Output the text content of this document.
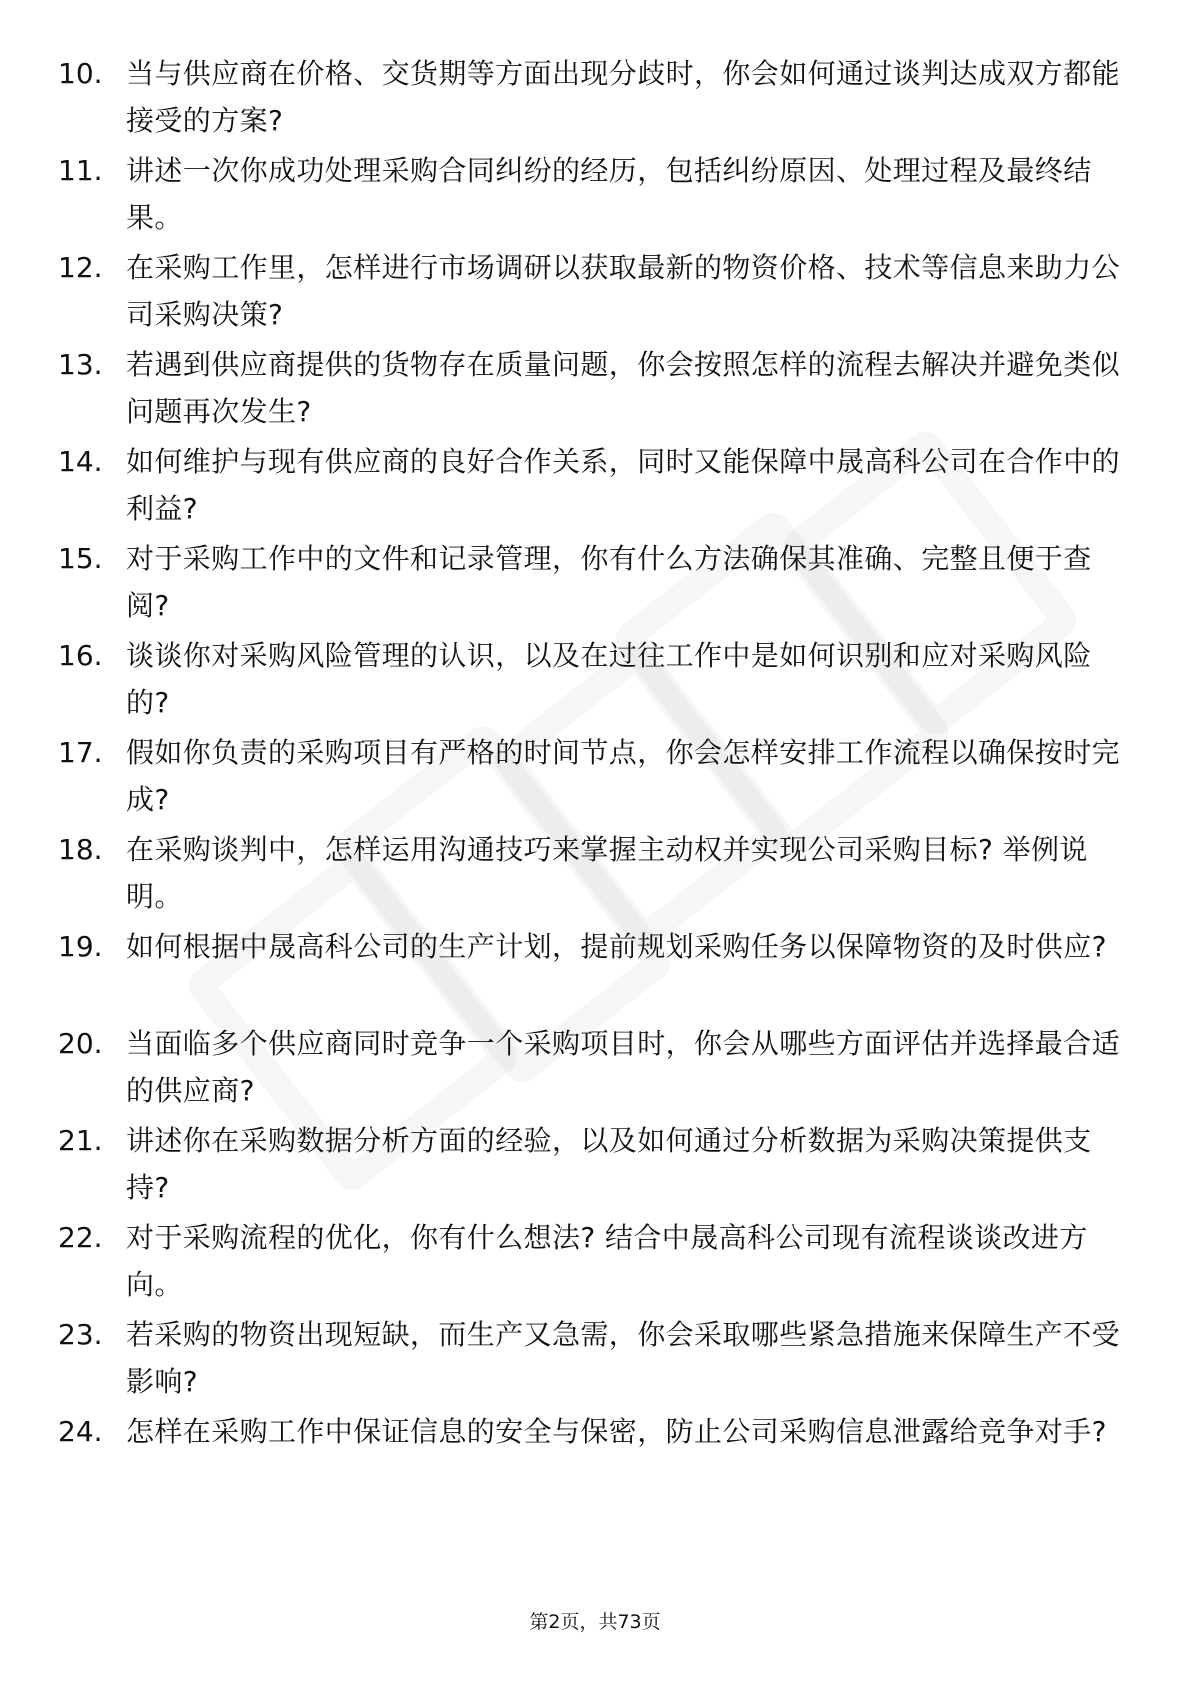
10. 当与供应商在价格、交货期等方面出现分歧时，你会如何通过谈判达成双方都能接受的方案?
11. 讲述一次你成功处理采购合同纠纷的经历，包括纠纷原因、处理过程及最终结果。
12. 在采购工作里，怎样进行市场调研以获取最新的物资价格、技术等信息来助力公司采购决策?
13. 若遇到供应商提供的货物存在质量问题，你会按照怎样的流程去解决并避免类似问题再次发生?
14. 如何维护与现有供应商的良好合作关系，同时又能保障中晟高科公司在合作中的利益?
15. 对于采购工作中的文件和记录管理，你有什么方法确保其准确、完整且便于查阅?
16. 谈谈你对采购风险管理的认识，以及在过往工作中是如何识别和应对采购风险的?
17. 假如你负责的采购项目有严格的时间节点，你会怎样安排工作流程以确保按时完成?
18. 在采购谈判中，怎样运用沟通技巧来掌握主动权并实现公司采购目标? 举例说明。
19. 如何根据中晟高科公司的生产计划，提前规划采购任务以保障物资的及时供应?
20. 当面临多个供应商同时竞争一个采购项目时，你会从哪些方面评估并选择最合适的供应商?
21. 讲述你在采购数据分析方面的经验，以及如何通过分析数据为采购决策提供支持?
22. 对于采购流程的优化，你有什么想法? 结合中晟高科公司现有流程谈谈改进方向。
23. 若采购的物资出现短缺，而生产又急需，你会采取哪些紧急措施来保障生产不受影响?
24. 怎样在采购工作中保证信息的安全与保密，防止公司采购信息泄露给竞争对手?
第2页，共73页
